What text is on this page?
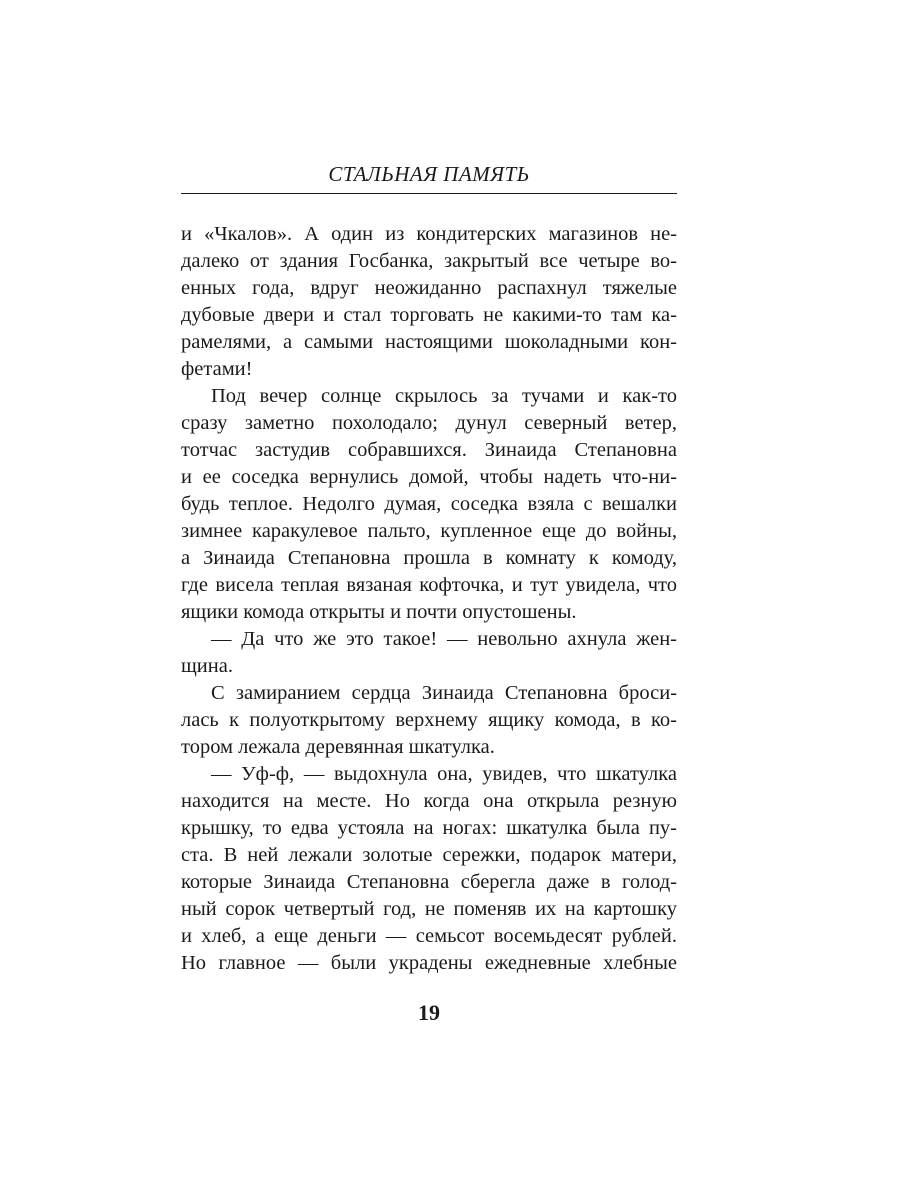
СТАЛЬНАЯ ПАМЯТЬ
и «Чкалов». А один из кондитерских магазинов не-
далеко от здания Госбанка, закрытый все четыре во-
енных года, вдруг неожиданно распахнул тяжелые
дубовые двери и стал торговать не какими-то там ка-
рамелями, а самыми настоящими шоколадными кон-
фетами!
Под вечер солнце скрылось за тучами и как-то
сразу заметно похолодало; дунул северный ветер,
тотчас застудив собравшихся. Зинаида Степановна
и ее соседка вернулись домой, чтобы надеть что-ни-
будь теплое. Недолго думая, соседка взяла с вешалки
зимнее каракулевое пальто, купленное еще до войны,
а Зинаида Степановна прошла в комнату к комоду,
где висела теплая вязаная кофточка, и тут увидела, что
ящики комода открыты и почти опустошены.
— Да что же это такое! — невольно ахнула жен-
щина.
С замиранием сердца Зинаида Степановна броси-
лась к полуоткрытому верхнему ящику комода, в ко-
тором лежала деревянная шкатулка.
— Уф-ф, — выдохнула она, увидев, что шкатулка
находится на месте. Но когда она открыла резную
крышку, то едва устояла на ногах: шкатулка была пу-
ста. В ней лежали золотые сережки, подарок матери,
которые Зинаида Степановна сберегла даже в голод-
ный сорок четвертый год, не поменяв их на картошку
и хлеб, а еще деньги — семьсот восемьдесят рублей.
Но главное — были украдены ежедневные хлебные
19
